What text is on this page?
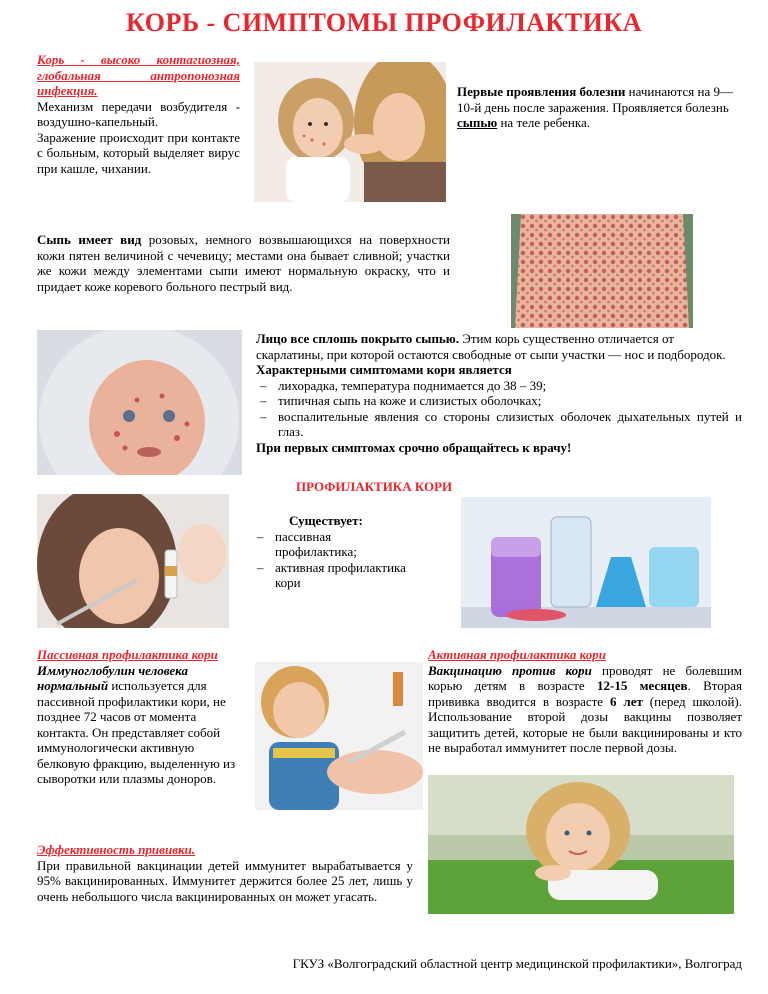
КОРЬ - СИМПТОМЫ ПРОФИЛАКТИКА
Корь - высоко контагиозная, глобальная антропонозная инфекция.
Механизм передачи возбудителя - воздушно-капельный.
Заражение происходит при контакте с больным, который выделяет вирус при кашле, чихании.
Первые проявления болезни начинаются на 9—10-й день после заражения. Проявляется болезнь сыпью на теле ребенка.
Сыпь имеет вид розовых, немного возвышающихся на поверхности кожи пятен величиной с чечевицу; местами она бывает сливной; участки же кожи между элементами сыпи имеют нормальную окраску, что и придает коже коревого больного пестрый вид.
Лицо все сплошь покрыто сыпью. Этим корь существенно отличается от скарлатины, при которой остаются свободные от сыпи участки — нос и подбородок.
Характерными симптомами кори является
– лихорадка, температура поднимается до 38 – 39;
– типичная сыпь на коже и слизистых оболочках;
– воспалительные явления со стороны слизистых оболочек дыхательных путей и глаз.
При первых симптомах срочно обращайтесь к врачу!
ПРОФИЛАКТИКА КОРИ
Существует:
– пассивная профилактика;
– активная профилактика кори
Пассивная профилактика кори
Иммуноглобулин человека нормальный используется для пассивной профилактики кори, не позднее 72 часов от момента контакта. Он представляет собой иммунологически активную белковую фракцию, выделенную из сыворотки или плазмы доноров.
Активная профилактика кори
Вакцинацию против кори проводят не болевшим корью детям в возрасте 12-15 месяцев. Вторая прививка вводится в возрасте 6 лет (перед школой). Использование второй дозы вакцины позволяет защитить детей, которые не были вакцинированы и кто не выработал иммунитет после первой дозы.
Эффективность прививки.
При правильной вакцинации детей иммунитет вырабатывается у 95% вакцинированных. Иммунитет держится более 25 лет, лишь у очень небольшого числа вакцинированных он может угасать.
ГКУЗ «Волгоградский областной центр медицинской профилактики», Волгоград
